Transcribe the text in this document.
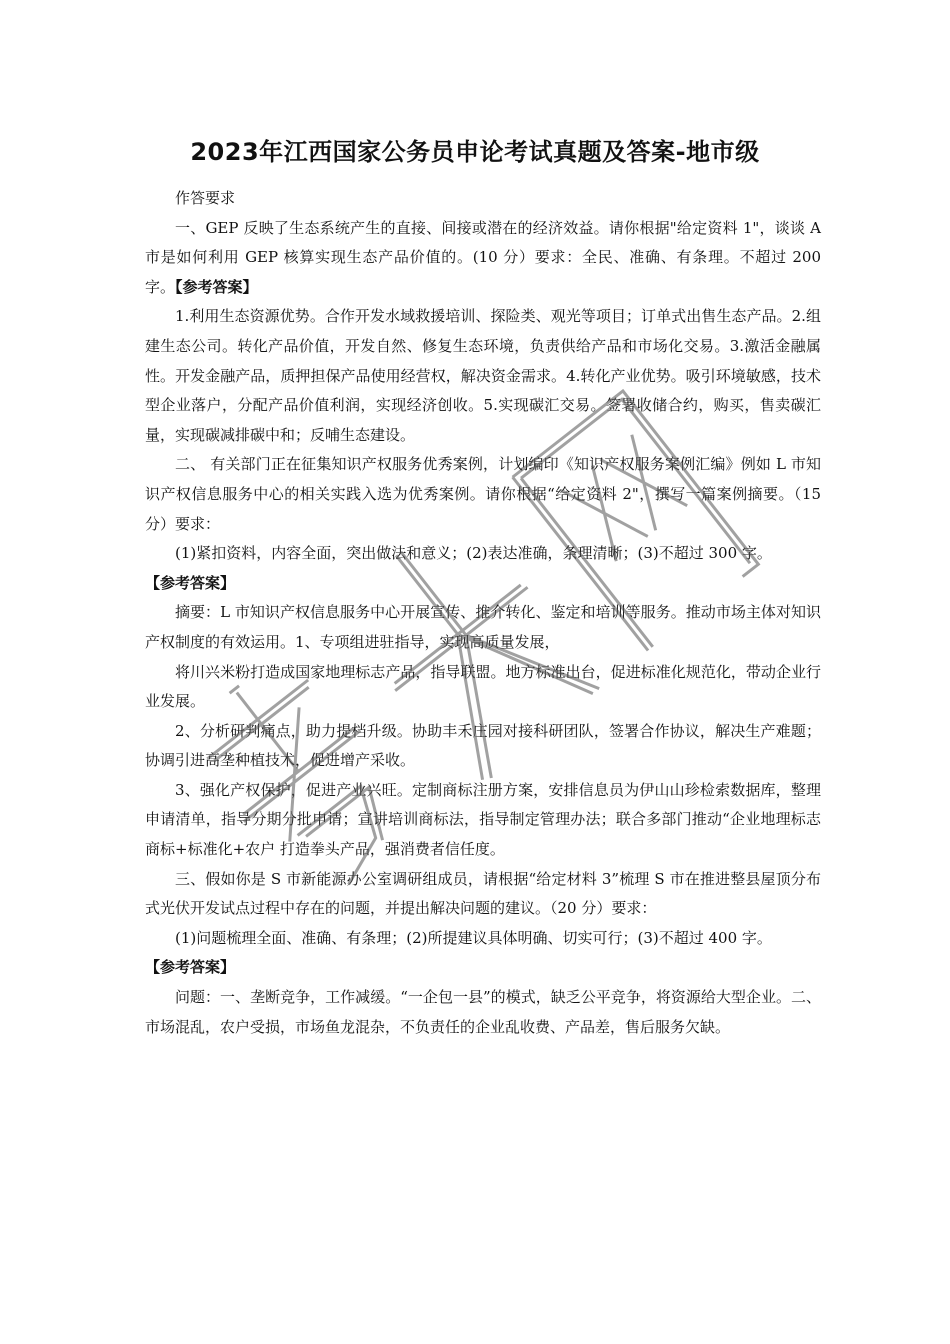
2023年江西国家公务员申论考试真题及答案-地市级

作答要求

一、GEP 反映了生态系统产生的直接、间接或潜在的经济效益。请你根据"给定资料 1"，谈谈 A 市是如何利用 GEP 核算实现生态产品价值的。(10 分）要求：全民、准确、有条理。不超过 200 字。【参考答案】

1.利用生态资源优势。合作开发水域救援培训、探险类、观光等项目；订单式出售生态产品。2.组建生态公司。转化产品价值，开发自然、修复生态环境，负责供给产品和市场化交易。3.激活金融属性。开发金融产品，质押担保产品使用经营权，解决资金需求。4.转化产业优势。吸引环境敏感，技术型企业落户，分配产品价值利润，实现经济创收。5.实现碳汇交易。签署收储合约，购买，售卖碳汇量，实现碳减排碳中和；反哺生态建设。

二、 有关部门正在征集知识产权服务优秀案例，计划编印《知识产权服务案例汇编》例如 L 市知识产权信息服务中心的相关实践入选为优秀案例。请你根据“给定资料 2"，撰写一篇案例摘要。（15 分）要求：

(1)紧扣资料，内容全面，突出做法和意义；(2)表达准确，条理清晰；(3)不超过 300 字。

【参考答案】

摘要：L 市知识产权信息服务中心开展宣传、推介转化、鉴定和培训等服务。推动市场主体对知识产权制度的有效运用。1、专项组进驻指导，实现高质量发展，

将川兴米粉打造成国家地理标志产品，指导联盟。地方标准出台，促进标准化规范化，带动企业行业发展。

2、分析研判痛点，助力提档升级。协助丰禾庄园对接科研团队，签署合作协议，解决生产难题；协调引进高垄种植技术，促进增产采收。

3、强化产权保护，促进产业兴旺。定制商标注册方案，安排信息员为伊山山珍检索数据库，整理申请清单，指导分期分批申请；宣讲培训商标法，指导制定管理办法；联合多部门推动“企业地理标志商标+标准化+农户 打造拳头产品，强消费者信任度。

三、假如你是 S 市新能源办公室调研组成员，请根据“给定材料 3”梳理 S 市在推进整县屋顶分布式光伏开发试点过程中存在的问题，并提出解决问题的建议。（20 分）要求：

(1)问题梳理全面、准确、有条理；(2)所提建议具体明确、切实可行；(3)不超过 400 字。

【参考答案】

问题：一、垄断竞争，工作减缓。“一企包一县”的模式，缺乏公平竞争，将资源给大型企业。二、市场混乱，农户受损，市场鱼龙混杂，不负责任的企业乱收费、产品差，售后服务欠缺。
